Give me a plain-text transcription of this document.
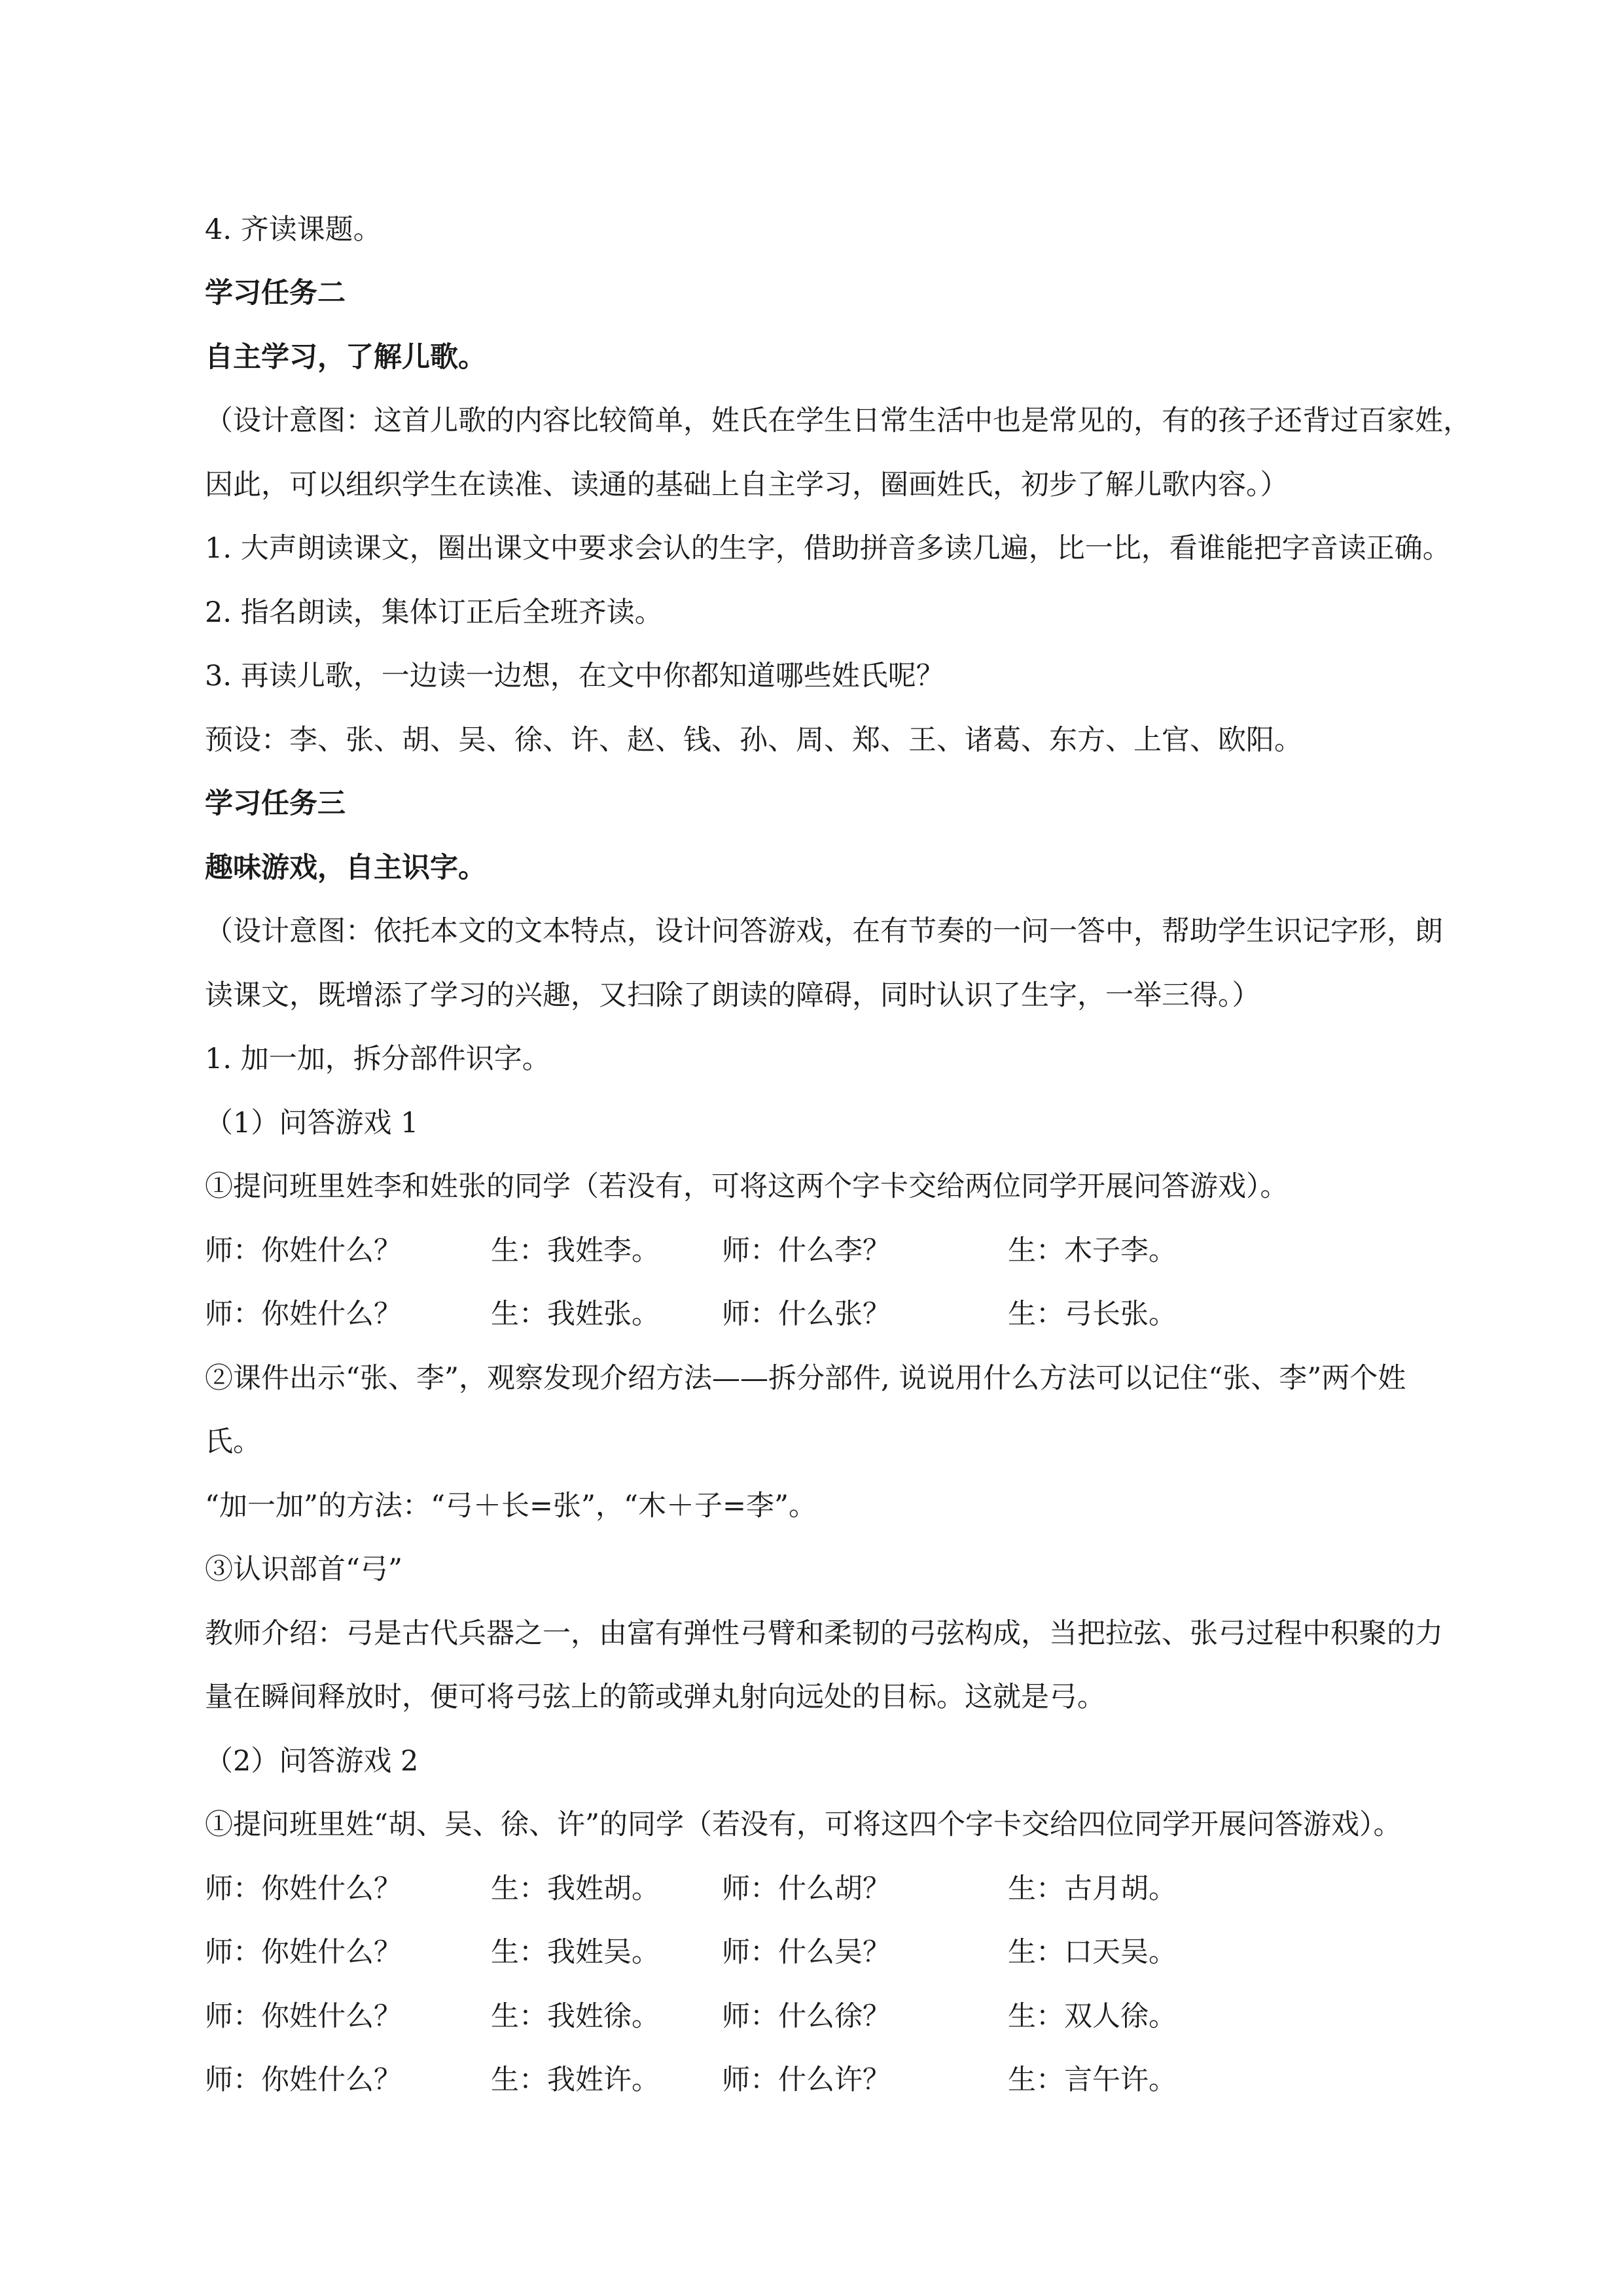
4. 齐读课题。
学习任务二
自主学习，了解儿歌。
（设计意图：这首儿歌的内容比较简单，姓氏在学生日常生活中也是常见的，有的孩子还背过百家姓，
因此，可以组织学生在读准、读通的基础上自主学习，圈画姓氏，初步了解儿歌内容。）
1. 大声朗读课文，圈出课文中要求会认的生字，借助拼音多读几遍，比一比，看谁能把字音读正确。
2. 指名朗读，集体订正后全班齐读。
3. 再读儿歌，一边读一边想，在文中你都知道哪些姓氏呢？
预设：李、张、胡、吴、徐、许、赵、钱、孙、周、郑、王、诸葛、东方、上官、欧阳。
学习任务三
趣味游戏，自主识字。
（设计意图：依托本文的文本特点，设计问答游戏，在有节奏的一问一答中，帮助学生识记字形，朗
读课文，既增添了学习的兴趣，又扫除了朗读的障碍，同时认识了生字，一举三得。）
1. 加一加，拆分部件识字。
（1）问答游戏 1
①提问班里姓李和姓张的同学（若没有，可将这两个字卡交给两位同学开展问答游戏）。
师：你姓什么？	生：我姓李。 师：什么李？	生：木子李。
师：你姓什么？	生：我姓张。 师：什么张？	生：弓长张。
②课件出示“张、李”，观察发现介绍方法——拆分部件, 说说用什么方法可以记住“张、李”两个姓
氏。
“加一加”的方法：“弓＋长=张”，“木＋子=李”。
③认识部首“弓”
教师介绍：弓是古代兵器之一，由富有弹性弓臂和柔韧的弓弦构成，当把拉弦、张弓过程中积聚的力
量在瞬间释放时，便可将弓弦上的箭或弹丸射向远处的目标。这就是弓。
（2）问答游戏 2
①提问班里姓“胡、吴、徐、许”的同学（若没有，可将这四个字卡交给四位同学开展问答游戏）。
师：你姓什么？	生：我姓胡。 师：什么胡？	生：古月胡。
师：你姓什么？	生：我姓吴。 师：什么吴？	生：口天吴。
师：你姓什么？	生：我姓徐。 师：什么徐？	生：双人徐。
师：你姓什么？	生：我姓许。 师：什么许？	生：言午许。
